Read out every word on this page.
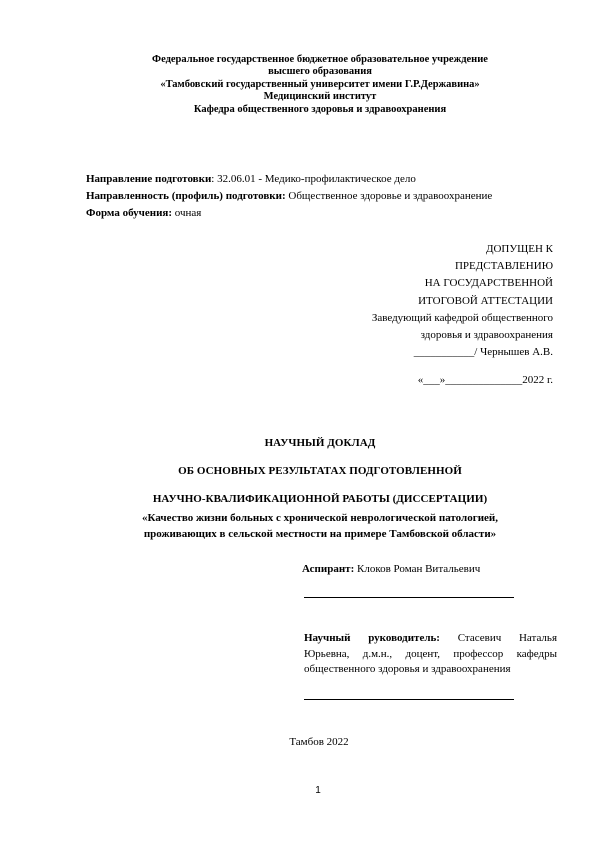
Федеральное государственное бюджетное образовательное учреждение
высшего образования
«Тамбовский государственный университет имени Г.Р.Державина»
Медицинский институт
Кафедра общественного здоровья и здравоохранения
Направление подготовки: 32.06.01 - Медико-профилактическое дело
Направленность (профиль) подготовки: Общественное здоровье и здравоохранение
Форма обучения: очная
ДОПУЩЕН К
ПРЕДСТАВЛЕНИЮ
НА ГОСУДАРСТВЕННОЙ
ИТОГОВОЙ АТТЕСТАЦИИ
Заведующий кафедрой общественного
здоровья и здравоохранения
___________/ Чернышев А.В.
«___»______________2022 г.
НАУЧНЫЙ ДОКЛАД
ОБ ОСНОВНЫХ РЕЗУЛЬТАТАХ ПОДГОТОВЛЕННОЙ
НАУЧНО-КВАЛИФИКАЦИОННОЙ РАБОТЫ (ДИССЕРТАЦИИ)
«Качество жизни больных с хронической неврологической патологией,
проживающих в сельской местности на примере Тамбовской области»
Аспирант: Клоков Роман Витальевич
Научный руководитель: Стасевич Наталья Юрьевна, д.м.н., доцент, профессор кафедры общественного здоровья и здравоохранения
Тамбов 2022
1
